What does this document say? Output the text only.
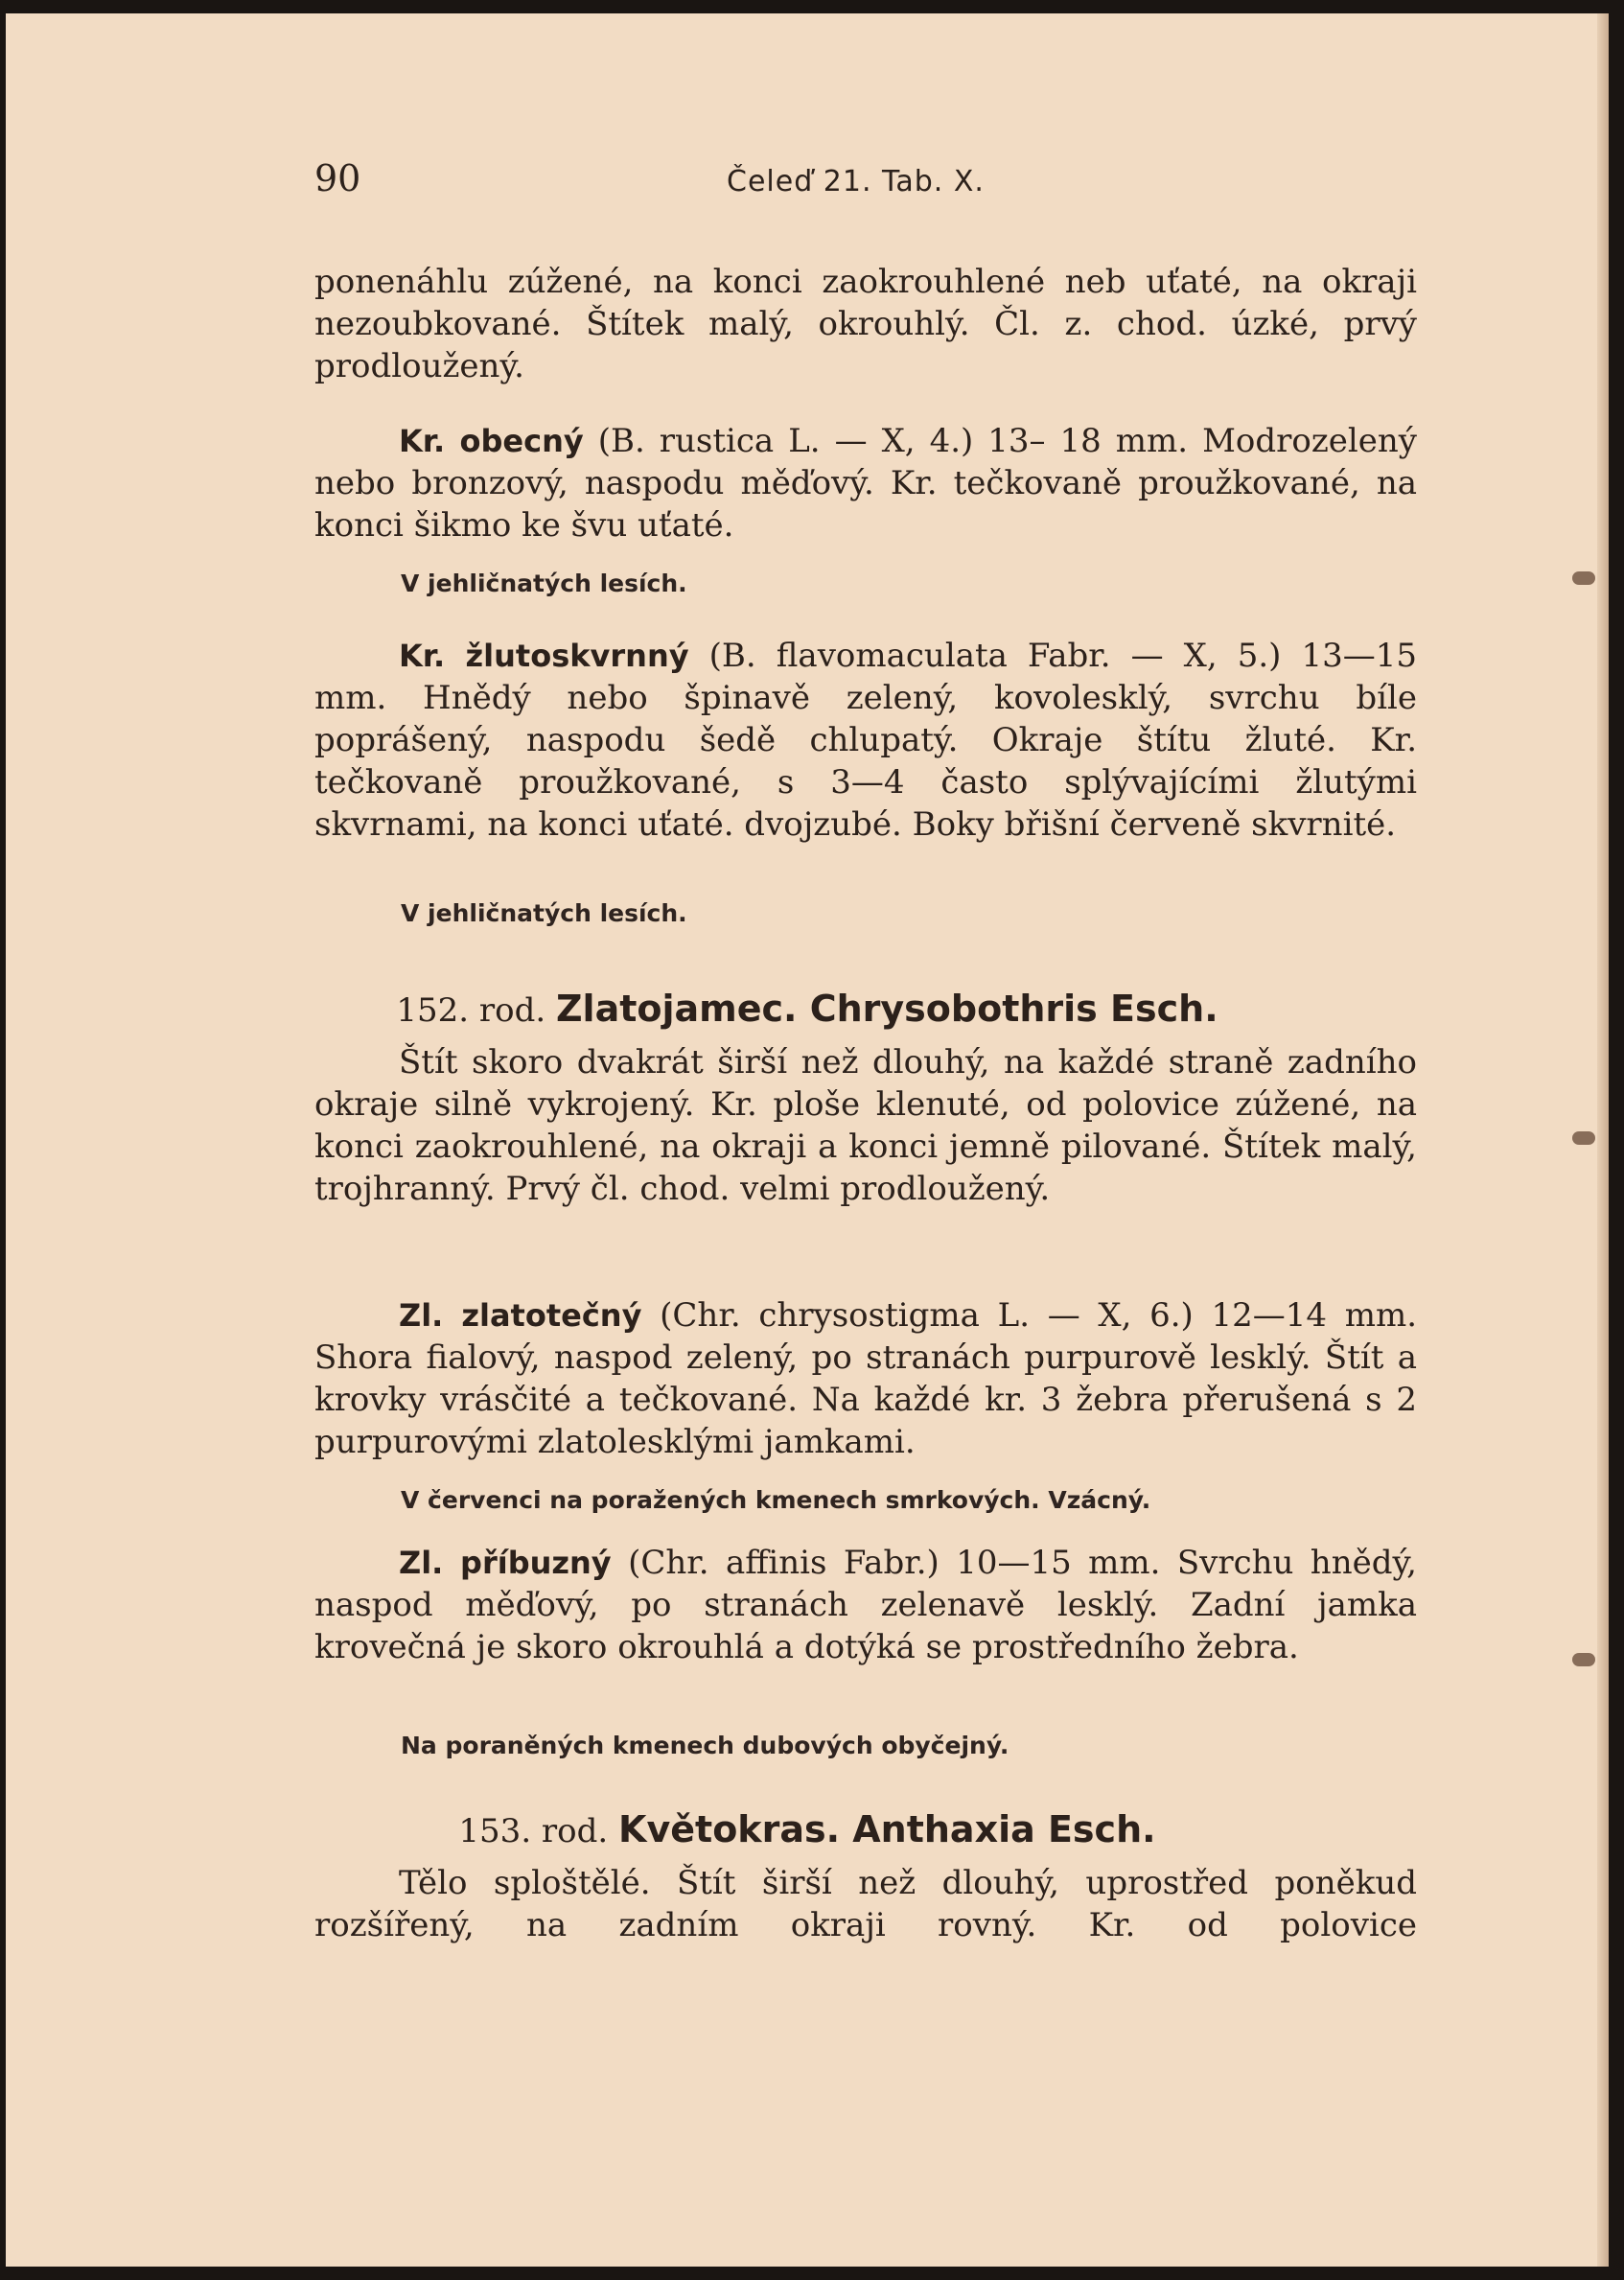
90	Čeleď 21. Tab. X.

ponenáhlu zúžené, na konci zaokrouhlené neb uťaté, na okraji nezoubkované. Štítek malý, okrouhlý. Čl. z. chod. úzké, prvý prodloužený.

Kr. obecný (B. rustica L. — X, 4.) 13– 18 mm. Modrozelený nebo bronzový, naspodu měďový. Kr. tečkovaně proužkované, na konci šikmo ke švu uťaté.

V jehličnatých lesích.

Kr. žlutoskvrnný (B. flavomaculata Fabr. — X, 5.) 13—15 mm. Hnědý nebo špinavě zelený, kovolesklý, svrchu bíle poprášený, naspodu šedě chlupatý. Okraje štítu žluté. Kr. tečkovaně proužkované, s 3—4 často splývajícími žlutými skvrnami, na konci uťaté. dvojzubé. Boky břišní červeně skvrnité.

V jehličnatých lesích.
152. rod. Zlatojamec. Chrysobothris Esch.

Štít skoro dvakrát širší než dlouhý, na každé straně zadního okraje silně vykrojený. Kr. ploše klenuté, od polovice zúžené, na konci zaokrouhlené, na okraji a konci jemně pilované. Štítek malý, trojhranný. Prvý čl. chod. velmi prodloužený.

Zl. zlatotečný (Chr. chrysostigma L. — X, 6.) 12—14 mm. Shora fialový, naspod zelený, po stranách purpurově lesklý. Štít a krovky vrásčité a tečkované. Na každé kr. 3 žebra přerušená s 2 purpurovými zlatolesklými jamkami.

V červenci na poražených kmenech smrkových. Vzácný.

Zl. příbuzný (Chr. affinis Fabr.) 10—15 mm. Svrchu hnědý, naspod měďový, po stranách zelenavě lesklý. Zadní jamka krovečná je skoro okrouhlá a dotýká se prostředního žebra.

Na poraněných kmenech dubových obyčejný.
153. rod. Květokras. Anthaxia Esch.

Tělo sploštělé. Štít širší než dlouhý, uprostřed poněkud rozšířený, na zadním okraji rovný. Kr. od polovice
